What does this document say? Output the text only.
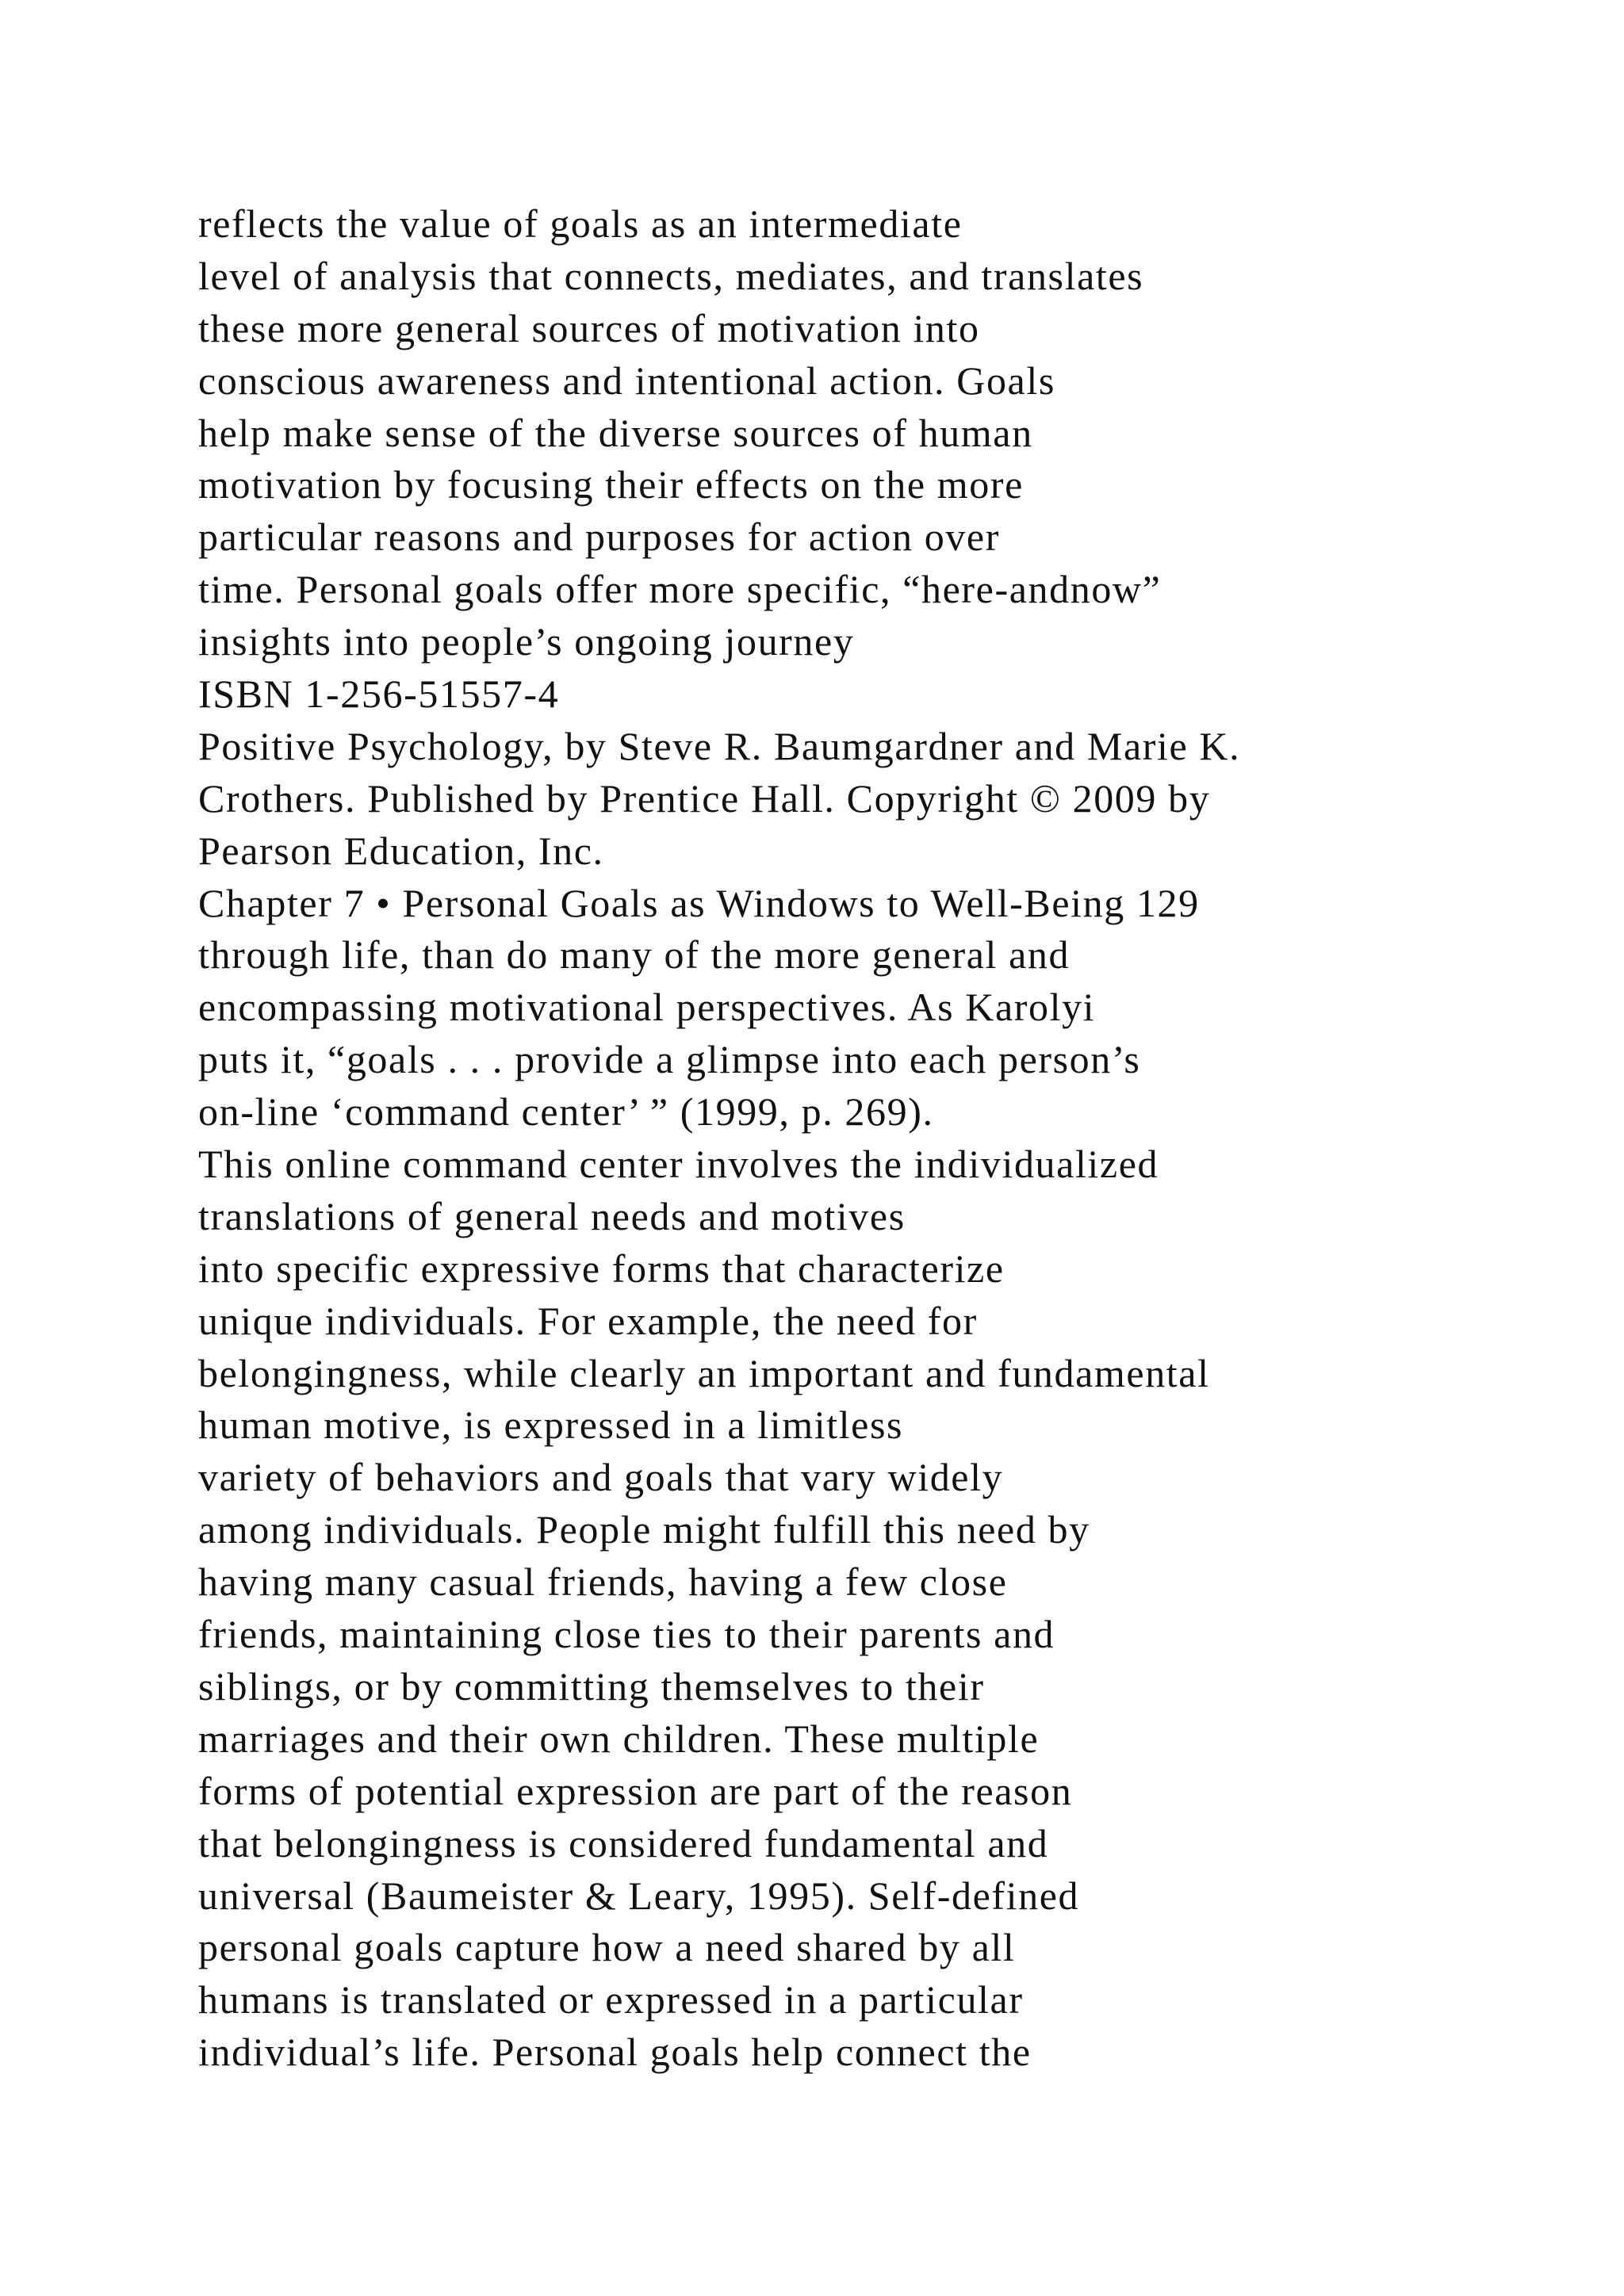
reflects the value of goals as an intermediate
level of analysis that connects, mediates, and translates
these more general sources of motivation into
conscious awareness and intentional action. Goals
help make sense of the diverse sources of human
motivation by focusing their effects on the more
particular reasons and purposes for action over
time. Personal goals offer more specific, “here-andnow”
insights into people’s ongoing journey
ISBN 1-256-51557-4
Positive Psychology, by Steve R. Baumgardner and Marie K.
Crothers. Published by Prentice Hall. Copyright © 2009 by
Pearson Education, Inc.
Chapter 7 • Personal Goals as Windows to Well-Being 129
through life, than do many of the more general and
encompassing motivational perspectives. As Karolyi
puts it, “goals . . . provide a glimpse into each person’s
on-line ‘command center’ ” (1999, p. 269).
This online command center involves the individualized
translations of general needs and motives
into specific expressive forms that characterize
unique individuals. For example, the need for
belongingness, while clearly an important and fundamental
human motive, is expressed in a limitless
variety of behaviors and goals that vary widely
among individuals. People might fulfill this need by
having many casual friends, having a few close
friends, maintaining close ties to their parents and
siblings, or by committing themselves to their
marriages and their own children. These multiple
forms of potential expression are part of the reason
that belongingness is considered fundamental and
universal (Baumeister & Leary, 1995). Self-defined
personal goals capture how a need shared by all
humans is translated or expressed in a particular
individual’s life. Personal goals help connect the
